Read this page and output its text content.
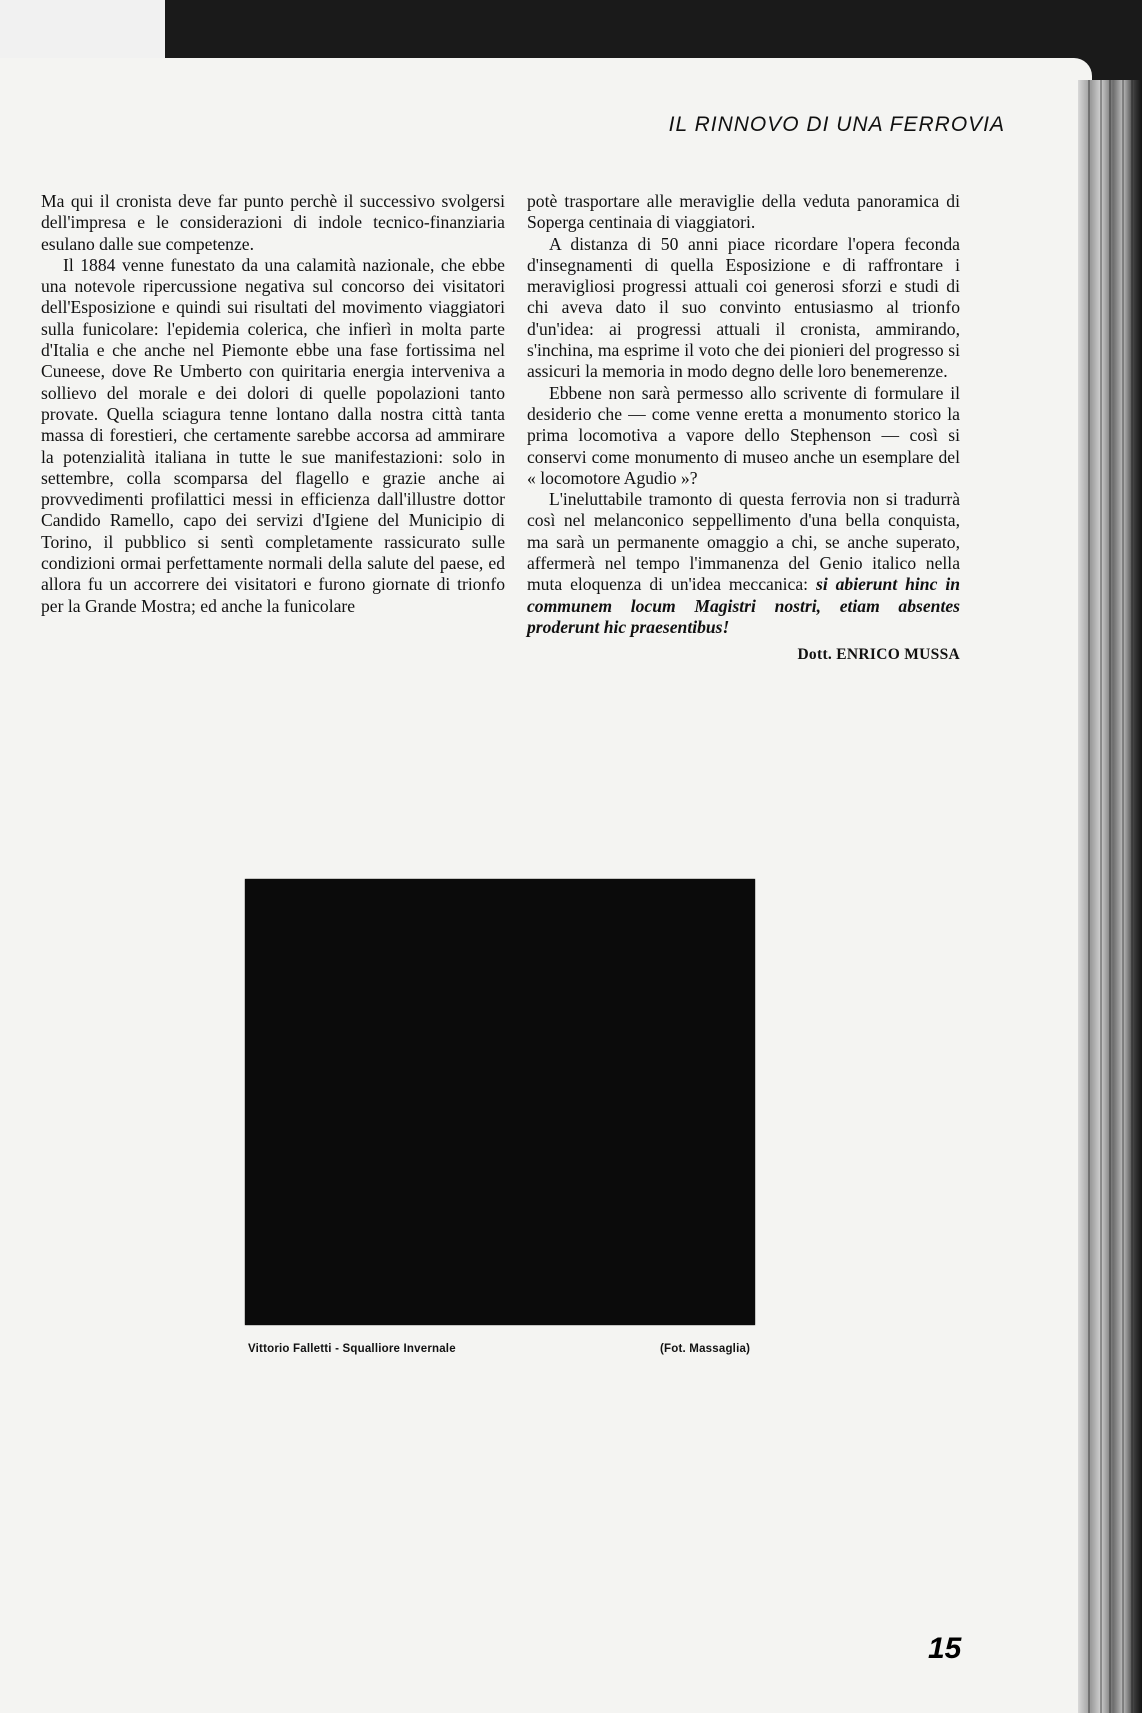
IL RINNOVO DI UNA FERROVIA

Ma qui il cronista deve far punto perchè il successivo svolgersi dell'impresa e le considerazioni di indole tecnico-finanziaria esulano dalle sue competenze.

Il 1884 venne funestato da una calamità nazionale, che ebbe una notevole ripercussione negativa sul concorso dei visitatori dell'Esposizione e quindi sui risultati del movimento viaggiatori sulla funicolare: l'epidemia colerica, che infierì in molta parte d'Italia e che anche nel Piemonte ebbe una fase fortissima nel Cuneese, dove Re Umberto con quiritaria energia interveniva a sollievo del morale e dei dolori di quelle popolazioni tanto provate. Quella sciagura tenne lontano dalla nostra città tanta massa di forestieri, che certamente sarebbe accorsa ad ammirare la potenzialità italiana in tutte le sue manifestazioni: solo in settembre, colla scomparsa del flagello e grazie anche ai provvedimenti profilattici messi in efficienza dall'illustre dottor Candido Ramello, capo dei servizi d'Igiene del Municipio di Torino, il pubblico si sentì completamente rassicurato sulle condizioni ormai perfettamente normali della salute del paese, ed allora fu un accorrere dei visitatori e furono giornate di trionfo per la Grande Mostra; ed anche la funicolare

potè trasportare alle meraviglie della veduta panoramica di Soperga centinaia di viaggiatori.

A distanza di 50 anni piace ricordare l'opera feconda d'insegnamenti di quella Esposizione e di raffrontare i meravigliosi progressi attuali coi generosi sforzi e studi di chi aveva dato il suo convinto entusiasmo al trionfo d'un'idea: ai progressi attuali il cronista, ammirando, s'inchina, ma esprime il voto che dei pionieri del progresso si assicuri la memoria in modo degno delle loro benemerenze.

Ebbene non sarà permesso allo scrivente di formulare il desiderio che — come venne eretta a monumento storico la prima locomotiva a vapore dello Stephenson — così si conservi come monumento di museo anche un esemplare del « locomotore Agudio »?

L'ineluttabile tramonto di questa ferrovia non si tradurrà così nel melanconico seppellimento d'una bella conquista, ma sarà un permanente omaggio a chi, se anche superato, affermerà nel tempo l'immanenza del Genio italico nella muta eloquenza di un'idea meccanica: si abierunt hinc in communem locum Magistri nostri, etiam absentes proderunt hic praesentibus!

Dott. ENRICO MUSSA
Vittorio Falletti - Squalliore Invernale	(Fot. Massaglia)
15
